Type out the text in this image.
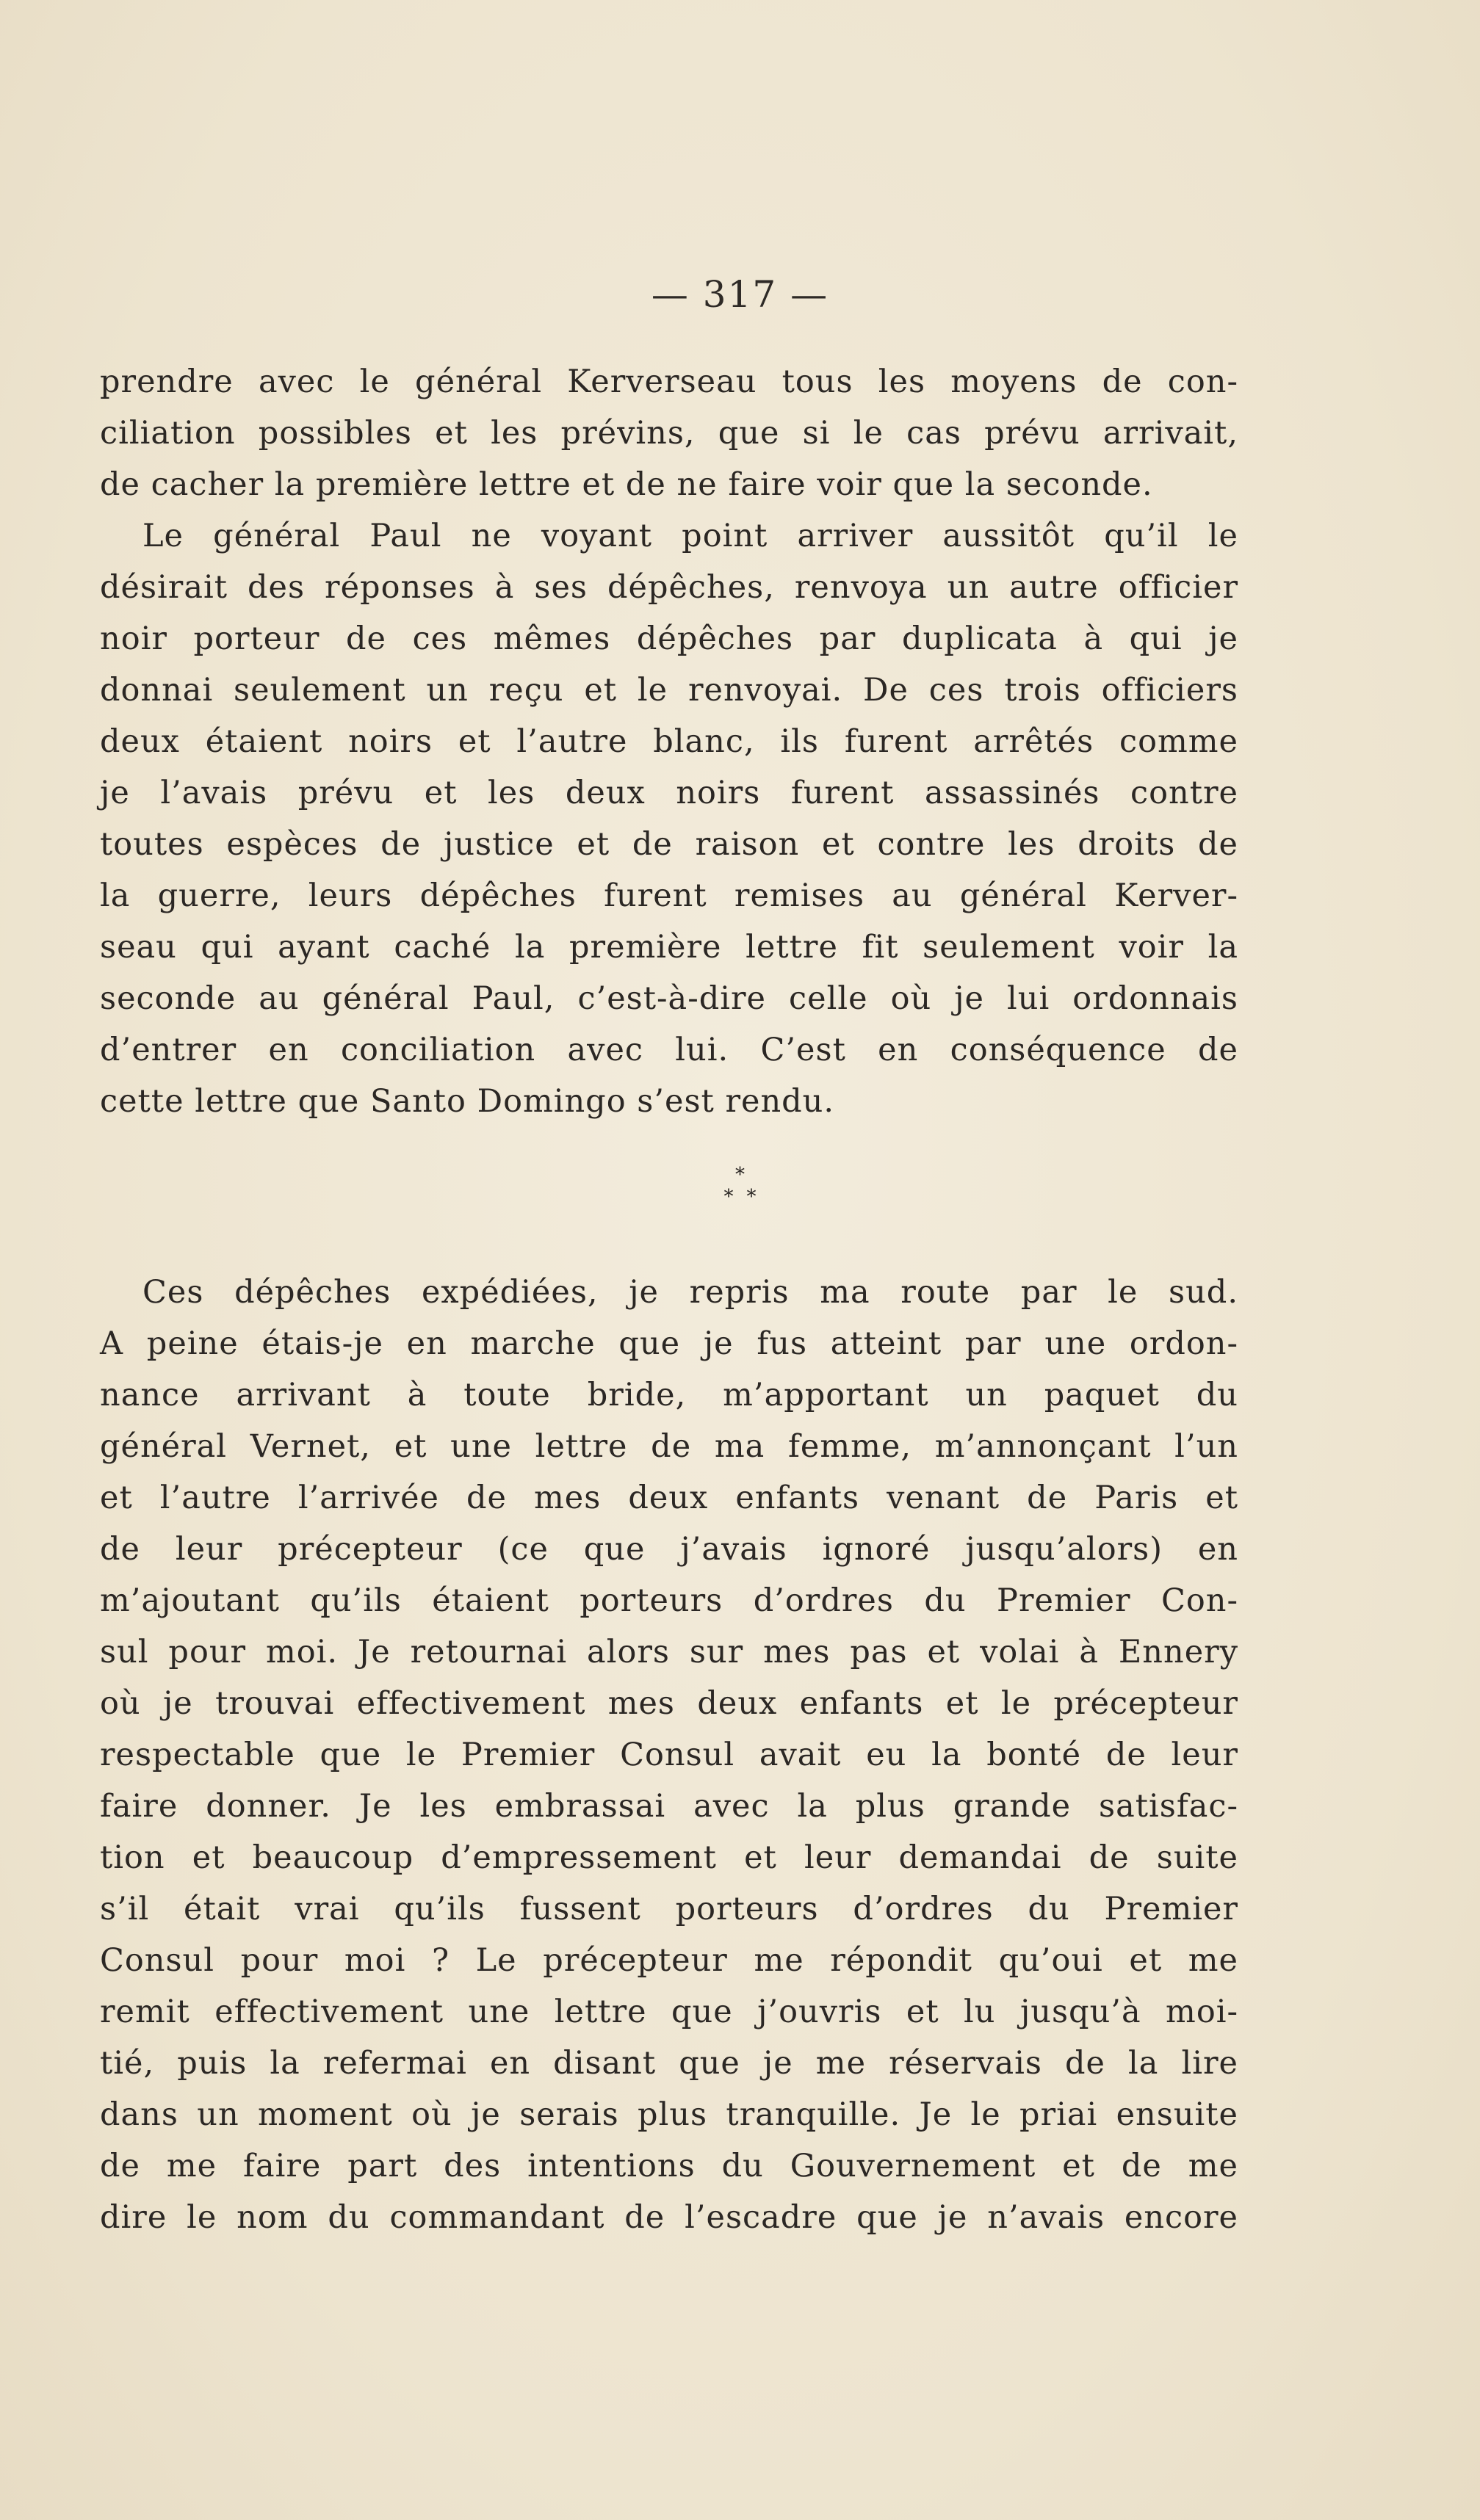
— 317 —
prendre avec le général Kerverseau tous les moyens de con-
ciliation possibles et les prévins, que si le cas prévu arrivait,
de cacher la première lettre et de ne faire voir que la seconde.
Le général Paul ne voyant point arriver aussitôt qu’il le
désirait des réponses à ses dépêches, renvoya un autre officier
noir porteur de ces mêmes dépêches par duplicata à qui je
donnai seulement un reçu et le renvoyai. De ces trois officiers
deux étaient noirs et l’autre blanc, ils furent arrêtés comme
je l’avais prévu et les deux noirs furent assassinés contre
toutes espèces de justice et de raison et contre les droits de
la guerre, leurs dépêches furent remises au général Kerver-
seau qui ayant caché la première lettre fit seulement voir la
seconde au général Paul, c’est-à-dire celle où je lui ordonnais
d’entrer en conciliation avec lui. C’est en conséquence de
cette lettre que Santo Domingo s’est rendu.
*
**
Ces dépêches expédiées, je repris ma route par le sud.
A peine étais-je en marche que je fus atteint par une ordon-
nance arrivant à toute bride, m’apportant un paquet du
général Vernet, et une lettre de ma femme, m’annonçant l’un
et l’autre l’arrivée de mes deux enfants venant de Paris et
de leur précepteur (ce que j’avais ignoré jusqu’alors) en
m’ajoutant qu’ils étaient porteurs d’ordres du Premier Con-
sul pour moi. Je retournai alors sur mes pas et volai à Ennery
où je trouvai effectivement mes deux enfants et le précepteur
respectable que le Premier Consul avait eu la bonté de leur
faire donner. Je les embrassai avec la plus grande satisfac-
tion et beaucoup d’empressement et leur demandai de suite
s’il était vrai qu’ils fussent porteurs d’ordres du Premier
Consul pour moi ? Le précepteur me répondit qu’oui et me
remit effectivement une lettre que j’ouvris et lu jusqu’à moi-
tié, puis la refermai en disant que je me réservais de la lire
dans un moment où je serais plus tranquille. Je le priai ensuite
de me faire part des intentions du Gouvernement et de me
dire le nom du commandant de l’escadre que je n’avais encore
